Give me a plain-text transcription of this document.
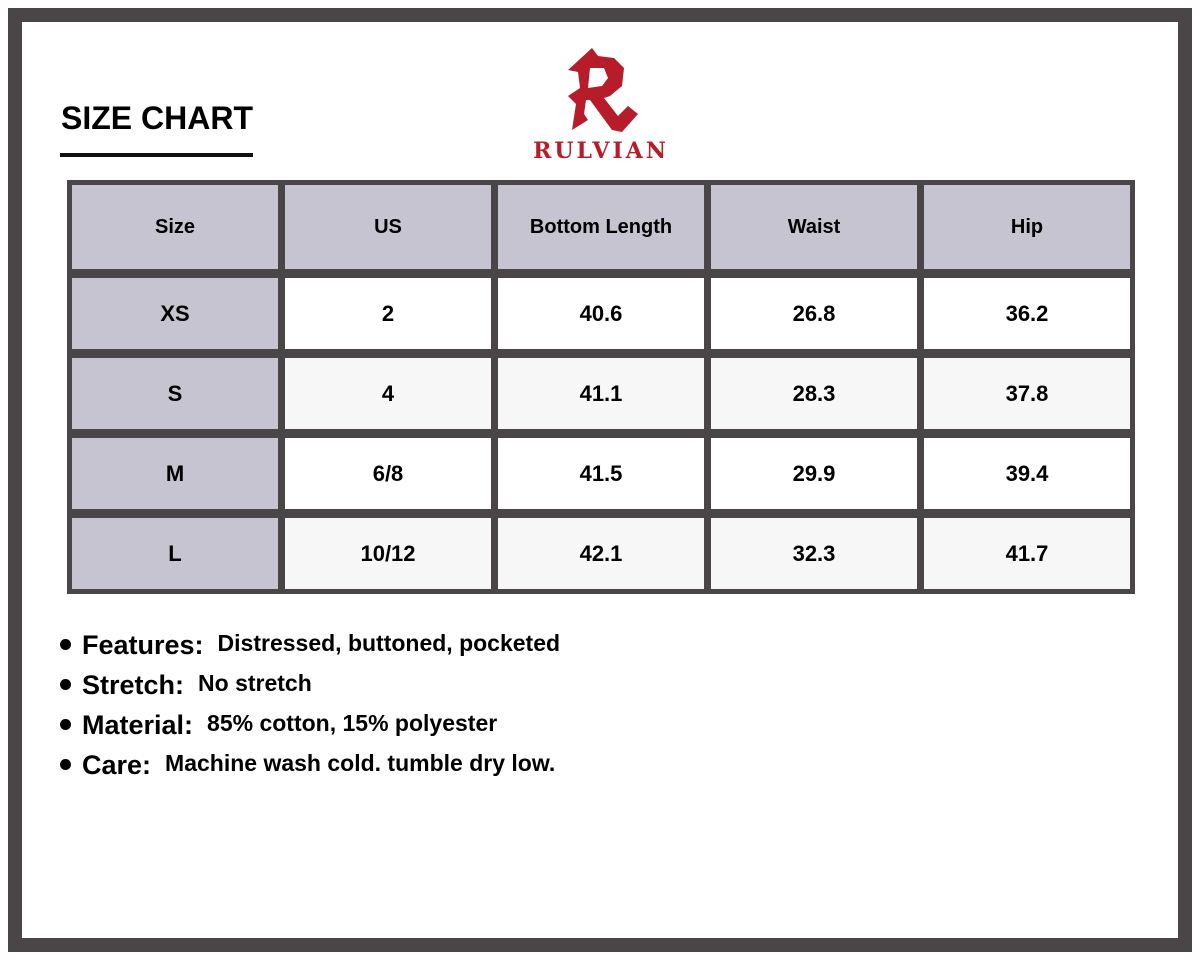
SIZE CHART
RULVIAN
Size	US	Bottom Length	Waist	Hip
XS	2	40.6	26.8	36.2
S	4	41.1	28.3	37.8
M	6/8	41.5	29.9	39.4
L	10/12	42.1	32.3	41.7
Features: Distressed, buttoned, pocketed
Stretch: No stretch
Material: 85% cotton, 15% polyester
Care: Machine wash cold. tumble dry low.
